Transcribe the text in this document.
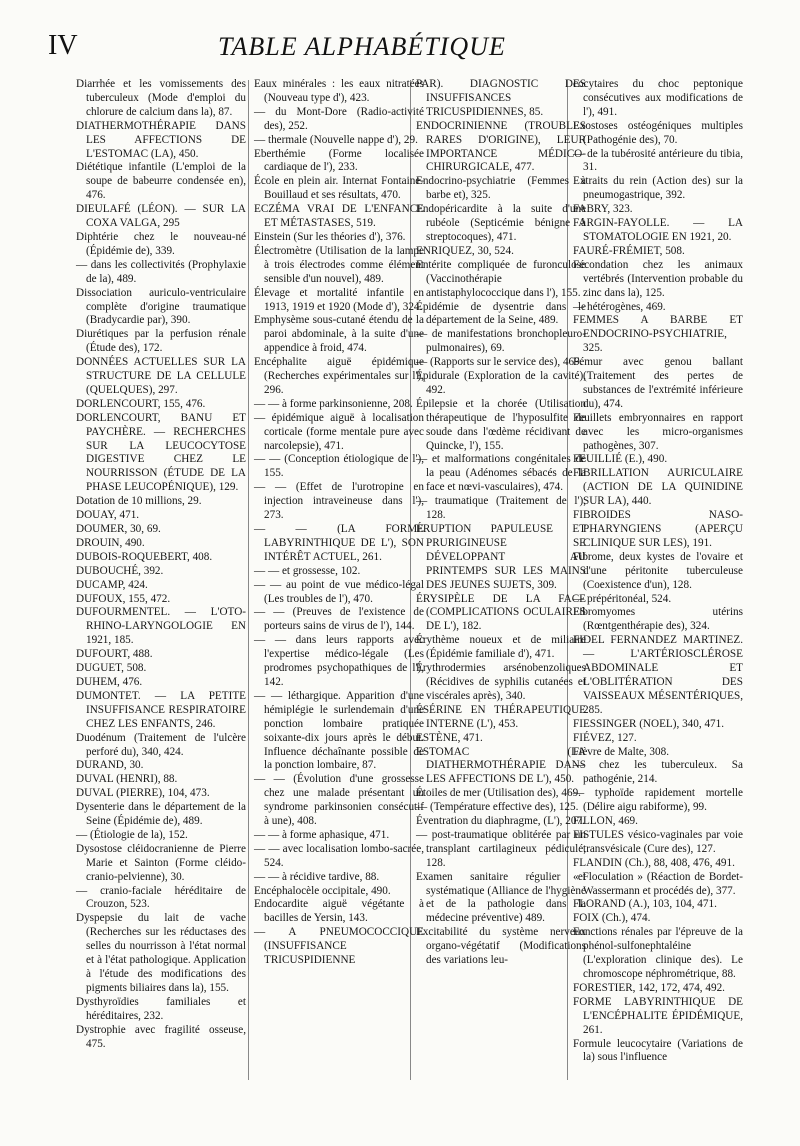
IV	TABLE ALPHABÉTIQUE

Diarrhée et les vomissements des tuberculeux (Mode d'emploi du chlorure de calcium dans la), 87.

DIATHERMOTHÉRAPIE DANS LES AFFECTIONS DE L'ESTOMAC (LA), 450.

Diététique infantile (L'emploi de la soupe de babeurre condensée en), 476.

DIEULAFÉ (LÉON). — SUR LA COXA VALGA, 295

Diphtérie chez le nouveau-né (Épidémie de), 339.

— dans les collectivités (Prophylaxie de la), 489.

Dissociation auriculo-ventriculaire complète d'origine traumatique (Bradycardie par), 390.

Diurétiques par la perfusion rénale (Étude des), 172.

DONNÉES ACTUELLES SUR LA STRUCTURE DE LA CELLULE (QUELQUES), 297.

DORLENCOURT, 155, 476.

DORLENCOURT, BANU ET PAYCHÈRE. — RECHERCHES SUR LA LEUCOCYTOSE DIGESTIVE CHEZ LE NOURRISSON (ÉTUDE DE LA PHASE LEUCOPÉNIQUE), 129.

Dotation de 10 millions, 29.

DOUAY, 471.

DOUMER, 30, 69.

DROUIN, 490.

DUBOIS-ROQUEBERT, 408.

DUBOUCHÉ, 392.

DUCAMP, 424.

DUFOUX, 155, 472.

DUFOURMENTEL. — L'OTO-RHINO-LARYNGOLOGIE EN 1921, 185.

DUFOURT, 488.

DUGUET, 508.

DUHEM, 476.

DUMONTET. — LA PETITE INSUFFISANCE RESPIRATOIRE CHEZ LES ENFANTS, 246.

Duodénum (Traitement de l'ulcère perforé du), 340, 424.

DURAND, 30.

DUVAL (HENRI), 88.

DUVAL (PIERRE), 104, 473.

Dysenterie dans le département de la Seine (Épidémie de), 489.

— (Étiologie de la), 152.

Dysostose cléidocranienne de Pierre Marie et Sainton (Forme cléido-cranio-pelvienne), 30.

— cranio-faciale héréditaire de Crouzon, 523.

Dyspepsie du lait de vache (Recherches sur les réductases des selles du nourrisson à l'état normal et à l'état pathologique. Application à l'étude des modifications des pigments biliaires dans la), 155.

Dysthyroïdies familiales et héréditaires, 232.

Dystrophie avec fragilité osseuse, 475.

Eaux minérales : les eaux nitratées (Nouveau type d'), 423.

— du Mont-Dore (Radio-activité des), 252.

— thermale (Nouvelle nappe d'), 29.

Eberthémie (Forme localisée cardiaque de l'), 233.

École en plein air. Internat Fontaine-Bouillaud et ses résultats, 470.

ECZÉMA VRAI DE L'ENFANCE ET MÉTASTASES, 519.

Einstein (Sur les théories d'), 376.

Électromètre (Utilisation de la lampe à trois électrodes comme élément sensible d'un nouvel), 489.

Élevage et mortalité infantile en 1913, 1919 et 1920 (Mode d'), 324.

Emphysème sous-cutané étendu de la paroi abdominale, à la suite d'une appendice à froid, 474.

Encéphalite aiguë épidémique (Recherches expérimentales sur l'), 296.

— — à forme parkinsonienne, 208.

— épidémique aiguë à localisation corticale (forme mentale pure avec narcolepsie), 471.

— — (Conception étiologique de l'), 155.

— — (Effet de l'urotropine en injection intraveineuse dans l'), 273.

— — (LA FORME LABYRINTHIQUE DE L'), SON INTÉRÊT ACTUEL, 261.

— — et grossesse, 102.

— — au point de vue médico-légal (Les troubles de l'), 470.

— — (Preuves de l'existence de porteurs sains de virus de l'), 144.

— — dans leurs rapports avec l'expertise médico-légale (Les prodromes psychopathiques de l'), 142.

— — léthargique. Apparition d'une hémiplégie le surlendemain d'une ponction lombaire pratiquée soixante-dix jours après le début. Influence déchaînante possible de la ponction lombaire, 87.

— — (Évolution d'une grossesse chez une malade présentant un syndrome parkinsonien consécutif à une), 408.

— — à forme aphasique, 471.

— — avec localisation lombo-sacrée, 524.

— — à récidive tardive, 88.

Encéphalocèle occipitale, 490.

Endocardite aiguë végétante à bacilles de Yersin, 143.

— A PNEUMOCOCCIQUE (INSUFFISANCE TRICUSPIDIENNE

PAR). DIAGNOSTIC DES INSUFFISANCES TRICUSPIDIENNES, 85.

ENDOCRINIENNE (TROUBLES RARES D'ORIGINE), LEUR IMPORTANCE MÉDICO-CHIRURGICALE, 477.

Endocrino-psychiatrie (Femmes à barbe et), 325.

Endopéricardite à la suite d'une rubéole (Septicémie bénigne à streptocoques), 471.

ENRIQUEZ, 30, 524.

Entérite compliquée de furonculose (Vaccinothérapie antistaphylococcique dans l'), 155.

Épidémie de dysentrie dans le département de la Seine, 489.

— de manifestations bronchopleuro-pulmonaires), 69.

— (Rapports sur le service des), 469.

Épidurale (Exploration de la cavité), 492.

Épilepsie et la chorée (Utilisation thérapeutique de l'hyposulfite de soude dans l'œdème récidivant de Quincke, l'), 155.

— et malformations congénitales de la peau (Adénomes sébacés de la face et nœvi-vasculaires), 474.

— traumatique (Traitement de l'), 128.

ÉRUPTION PAPULEUSE ET PRURIGINEUSE SE DÉVELOPPANT AU PRINTEMPS SUR LES MAINS DES JEUNES SUJETS, 309.

ÉRYSIPÈLE DE LA FACE (COMPLICATIONS OCULAIRES DE L'), 182.

Érythème noueux et de miliaire (Épidémie familiale d'), 471.

Érythrodermies arsénobenzoliques (Récidives de syphilis cutanées et viscérales après), 340.

ÉSÉRINE EN THÉRAPEUTIQUE INTERNE (L'), 453.

ESTÈNE, 471.

ESTOMAC (LA DIATHERMOTHÉRAPIE DANS LES AFFECTIONS DE L'), 450.

Étoiles de mer (Utilisation des), 469.

— (Température effective des), 125.

Éventration du diaphragme, (L'), 207.

— post-traumatique oblitérée par un transplant cartilagineux pédiculé, 128.

Examen sanitaire régulier et systématique (Alliance de l'hygiène et de la pathologie dans la médecine préventive) 489.

Excitabilité du système nerveux organo-végétatif (Modifications des variations leu-

cocytaires du choc peptonique consécutives aux modifications de l'), 491.

Exostoses ostéogéniques multiples (Pathogénie des), 70.

— de la tubérosité antérieure du tibia, 31.

Extraits du rein (Action des) sur la pneumogastrique, 392.

FABRY, 323.

FARGIN-FAYOLLE. — LA STOMATOLOGIE EN 1921, 20.

FAURÉ-FRÉMIET, 508.

Fécondation chez les animaux vertébrés (Intervention probable du zinc dans la), 125.

— hétérogènes, 469.

FEMMES A BARBE ET ENDOCRINO-PSYCHIATRIE, 325.

Fémur avec genou ballant (Traitement des pertes de substances de l'extrémité inférieure du), 474.

Feuillets embryonnaires en rapport avec les micro-organismes pathogènes, 307.

FEUILLIÉ (E.), 490.

FIBRILLATION AURICULAIRE (ACTION DE LA QUINIDINE SUR LA), 440.

FIBROIDES NASO-PHARYNGIENS (APERÇU CLINIQUE SUR LES), 191.

Fibrome, deux kystes de l'ovaire et d'une péritonite tuberculeuse (Coexistence d'un), 128.

— prépéritonéal, 524.

Fibromyomes utérins (Rœntgenthérapie des), 324.

FIDEL FERNANDEZ MARTINEZ. — L'ARTÉRIOSCLÉROSE ABDOMINALE ET L'OBLITÉRATION DES VAISSEAUX MÉSENTÉRIQUES, 285.

FIESSINGER (NOEL), 340, 471.

FIÉVEZ, 127.

Fièvre de Malte, 308.

— chez les tuberculeux. Sa pathogénie, 214.

— typhoïde rapidement mortelle (Délire aigu rabiforme), 99.

FILLON, 469.

FISTULES vésico-vaginales par voie transvésicale (Cure des), 127.

FLANDIN (Ch.), 88, 408, 476, 491.

« Floculation » (Réaction de Bordet-Wassermann et procédés de), 377.

FLORAND (A.), 103, 104, 471.

FOIX (Ch.), 474.

Fonctions rénales par l'épreuve de la phénol-sulfonephtaléine (L'exploration clinique des). Le chromoscope néphrométrique, 88.

FORESTIER, 142, 172, 474, 492.

FORME LABYRINTHIQUE DE L'ENCÉPHALITE ÉPIDÉMIQUE, 261.

Formule leucocytaire (Variations de la) sous l'influence
